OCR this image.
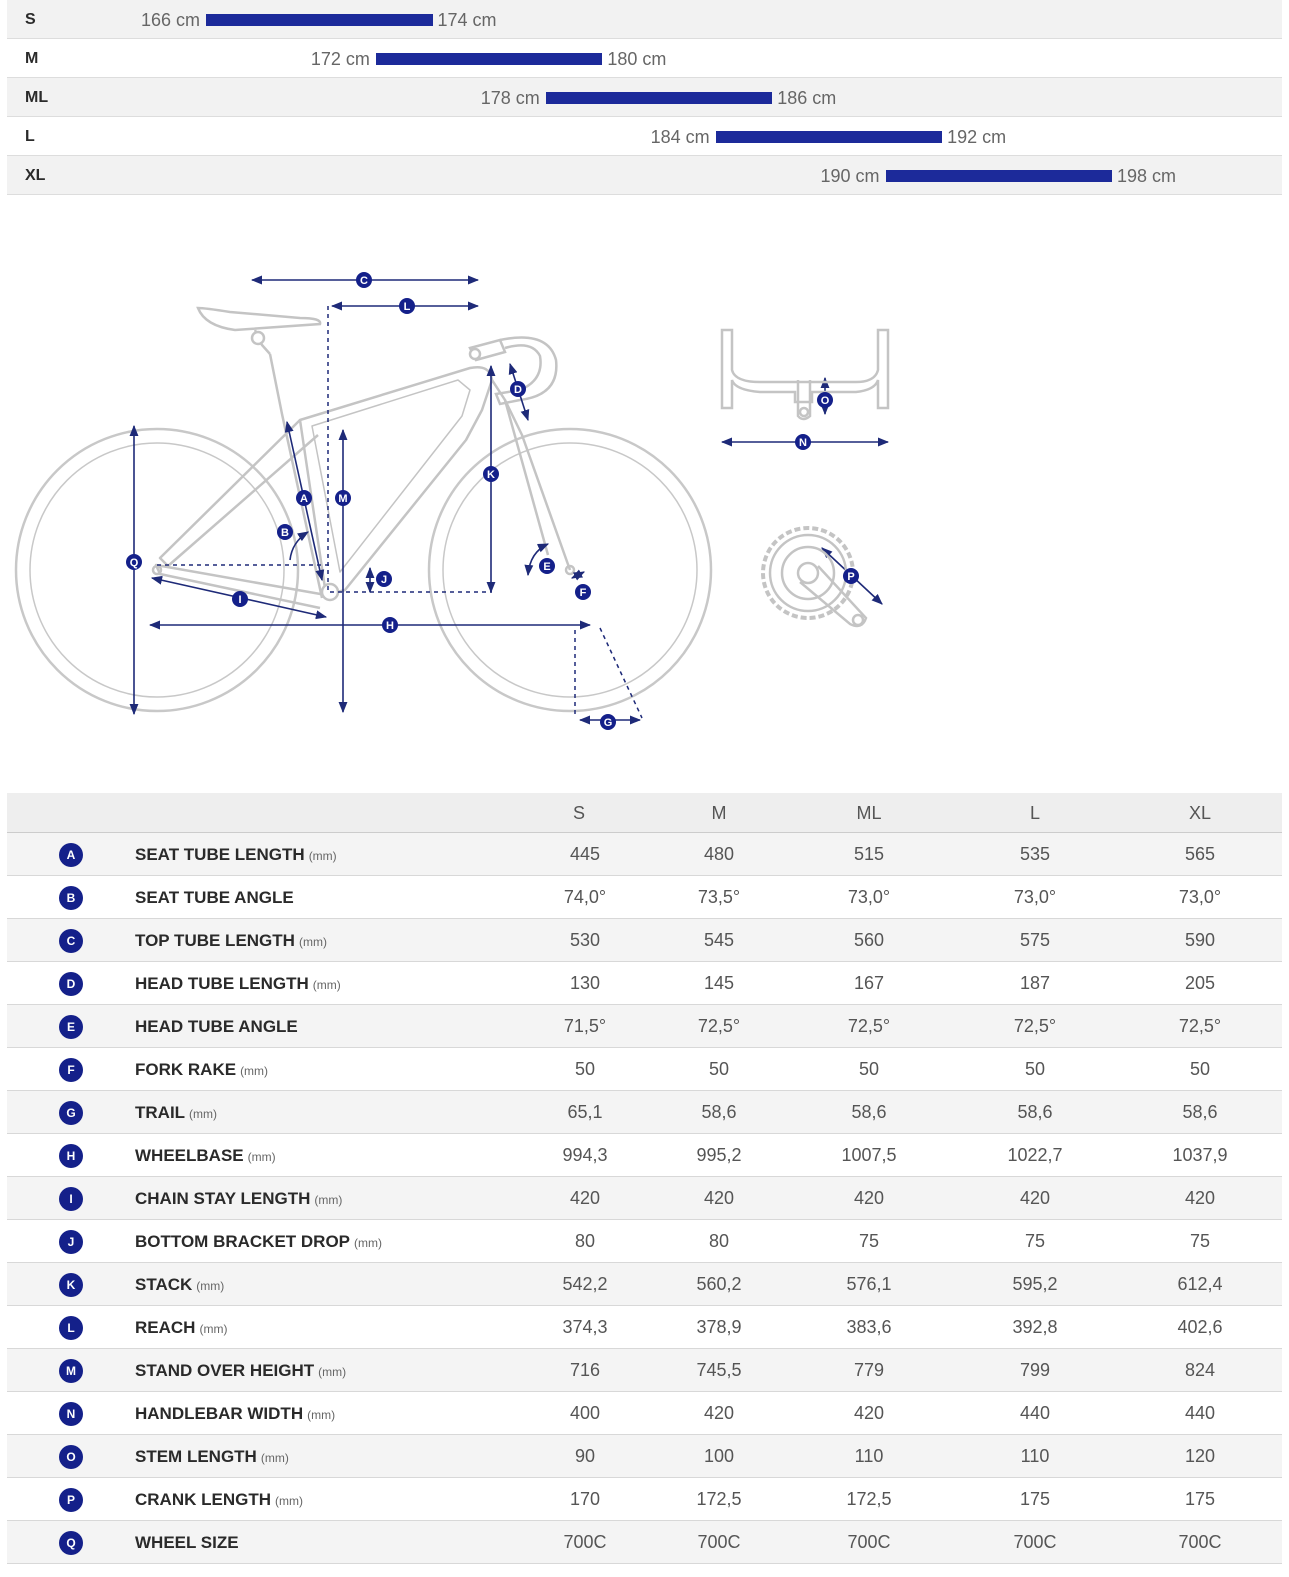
S	166 cm	174 cm
M	172 cm	180 cm
ML	178 cm	186 cm
L	184 cm	192 cm
XL	190 cm	198 cm
A
B
C
D
E
F
G
H
I
J
K
L
M
N
O
P
Q
S	M	ML	L	XL
A	SEAT TUBE LENGTH (mm)	445	480	515	535	565
B	SEAT TUBE ANGLE	74,0°	73,5°	73,0°	73,0°	73,0°
C	TOP TUBE LENGTH (mm)	530	545	560	575	590
D	HEAD TUBE LENGTH (mm)	130	145	167	187	205
E	HEAD TUBE ANGLE	71,5°	72,5°	72,5°	72,5°	72,5°
F	FORK RAKE (mm)	50	50	50	50	50
G	TRAIL (mm)	65,1	58,6	58,6	58,6	58,6
H	WHEELBASE (mm)	994,3	995,2	1007,5	1022,7	1037,9
I	CHAIN STAY LENGTH (mm)	420	420	420	420	420
J	BOTTOM BRACKET DROP (mm)	80	80	75	75	75
K	STACK (mm)	542,2	560,2	576,1	595,2	612,4
L	REACH (mm)	374,3	378,9	383,6	392,8	402,6
M	STAND OVER HEIGHT (mm)	716	745,5	779	799	824
N	HANDLEBAR WIDTH (mm)	400	420	420	440	440
O	STEM LENGTH (mm)	90	100	110	110	120
P	CRANK LENGTH (mm)	170	172,5	172,5	175	175
Q	WHEEL SIZE	700C	700C	700C	700C	700C
